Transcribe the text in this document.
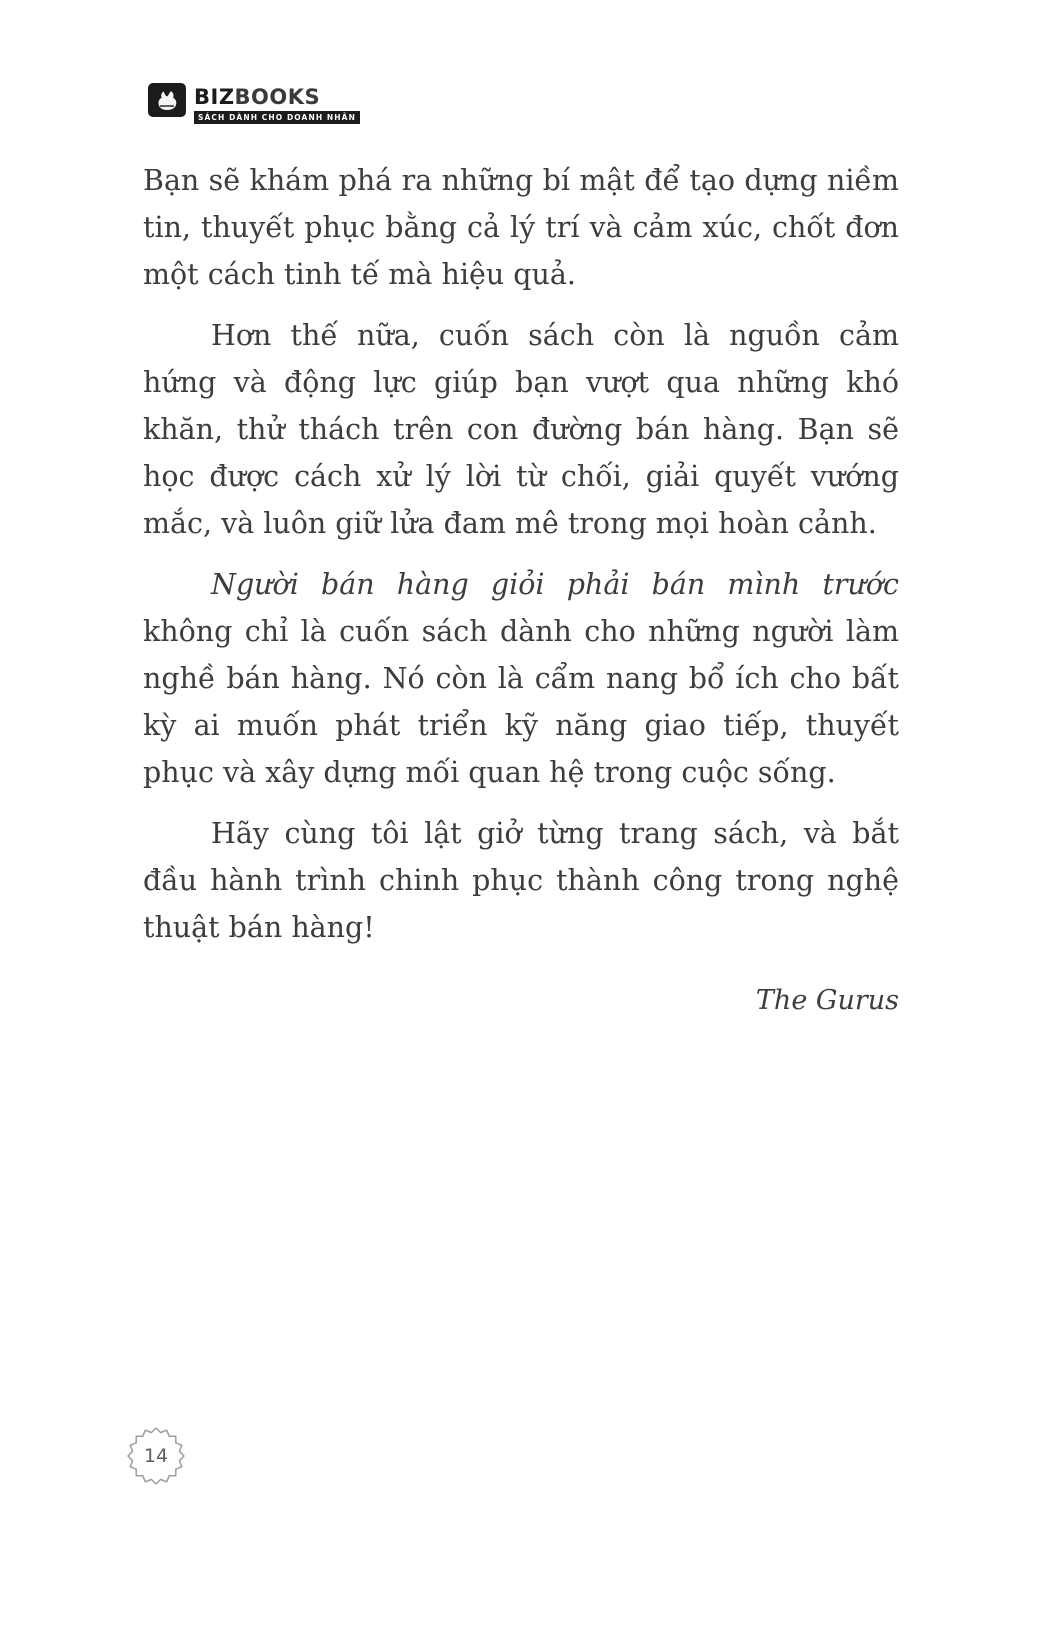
BIZBOOKS
SÁCH DÀNH CHO DOANH NHÂN

Bạn sẽ khám phá ra những bí mật để tạo dựng niềm tin, thuyết phục bằng cả lý trí và cảm xúc, chốt đơn một cách tinh tế mà hiệu quả.

Hơn thế nữa, cuốn sách còn là nguồn cảm hứng và động lực giúp bạn vượt qua những khó khăn, thử thách trên con đường bán hàng. Bạn sẽ học được cách xử lý lời từ chối, giải quyết vướng mắc, và luôn giữ lửa đam mê trong mọi hoàn cảnh.

Người bán hàng giỏi phải bán mình trước không chỉ là cuốn sách dành cho những người làm nghề bán hàng. Nó còn là cẩm nang bổ ích cho bất kỳ ai muốn phát triển kỹ năng giao tiếp, thuyết phục và xây dựng mối quan hệ trong cuộc sống.

Hãy cùng tôi lật giở từng trang sách, và bắt đầu hành trình chinh phục thành công trong nghệ thuật bán hàng!

The Gurus

14
